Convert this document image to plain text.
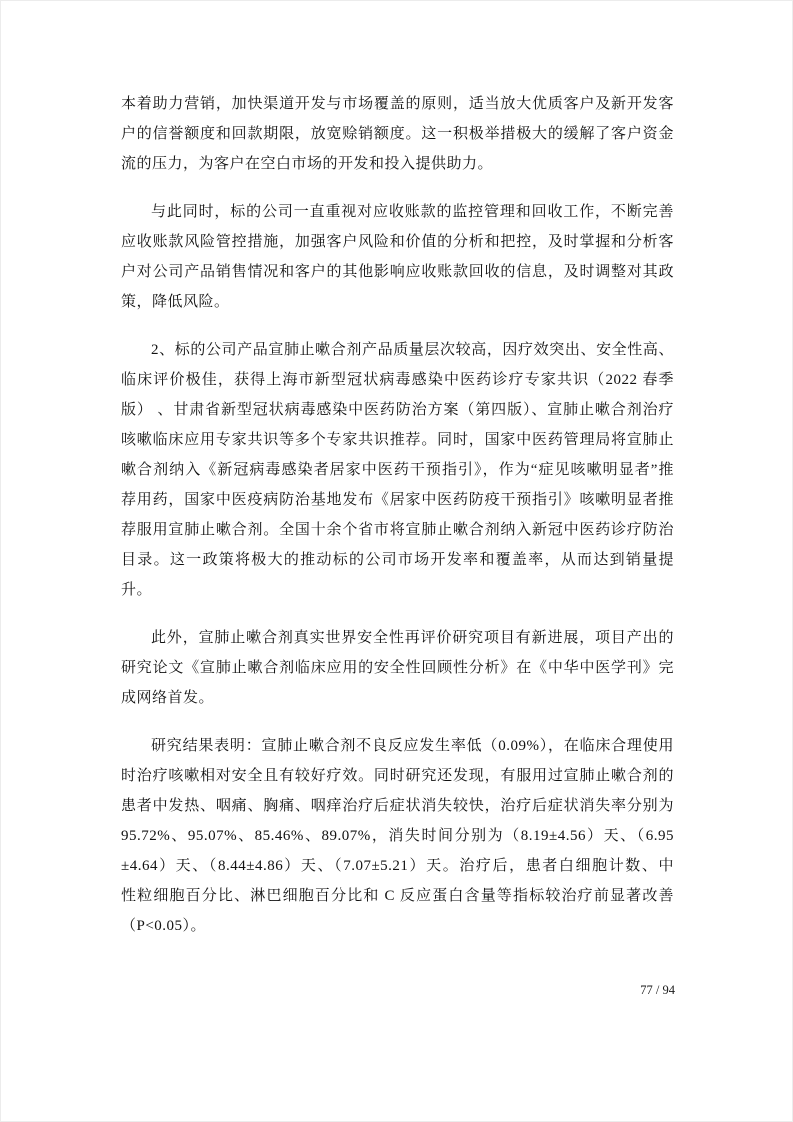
本着助力营销，加快渠道开发与市场覆盖的原则，适当放大优质客户及新开发客
户的信誉额度和回款期限，放宽赊销额度。这一积极举措极大的缓解了客户资金
流的压力，为客户在空白市场的开发和投入提供助力。
与此同时，标的公司一直重视对应收账款的监控管理和回收工作，不断完善
应收账款风险管控措施，加强客户风险和价值的分析和把控，及时掌握和分析客
户对公司产品销售情况和客户的其他影响应收账款回收的信息，及时调整对其政
策，降低风险。
2、标的公司产品宣肺止嗽合剂产品质量层次较高，因疗效突出、安全性高、
临床评价极佳，获得上海市新型冠状病毒感染中医药诊疗专家共识（2022 春季
版） 、甘肃省新型冠状病毒感染中医药防治方案（第四版）、宣肺止嗽合剂治疗
咳嗽临床应用专家共识等多个专家共识推荐。同时，国家中医药管理局将宣肺止
嗽合剂纳入《新冠病毒感染者居家中医药干预指引》，作为“症见咳嗽明显者”推
荐用药，国家中医疫病防治基地发布《居家中医药防疫干预指引》咳嗽明显者推
荐服用宣肺止嗽合剂。全国十余个省市将宣肺止嗽合剂纳入新冠中医药诊疗防治
目录。这一政策将极大的推动标的公司市场开发率和覆盖率，从而达到销量提升。
此外，宣肺止嗽合剂真实世界安全性再评价研究项目有新进展，项目产出的
研究论文《宣肺止嗽合剂临床应用的安全性回顾性分析》在《中华中医学刊》完
成网络首发。
研究结果表明：宣肺止嗽合剂不良反应发生率低（0.09%），在临床合理使用
时治疗咳嗽相对安全且有较好疗效。同时研究还发现，有服用过宣肺止嗽合剂的
患者中发热、咽痛、胸痛、咽痒治疗后症状消失较快，治疗后症状消失率分别为
95.72%、95.07%、85.46%、89.07%，消失时间分别为（8.19±4.56）天、（6.95
±4.64）天、（8.44±4.86）天、（7.07±5.21）天。治疗后，患者白细胞计数、中
性粒细胞百分比、淋巴细胞百分比和 C 反应蛋白含量等指标较治疗前显著改善
（P<0.05）。
77 / 94
